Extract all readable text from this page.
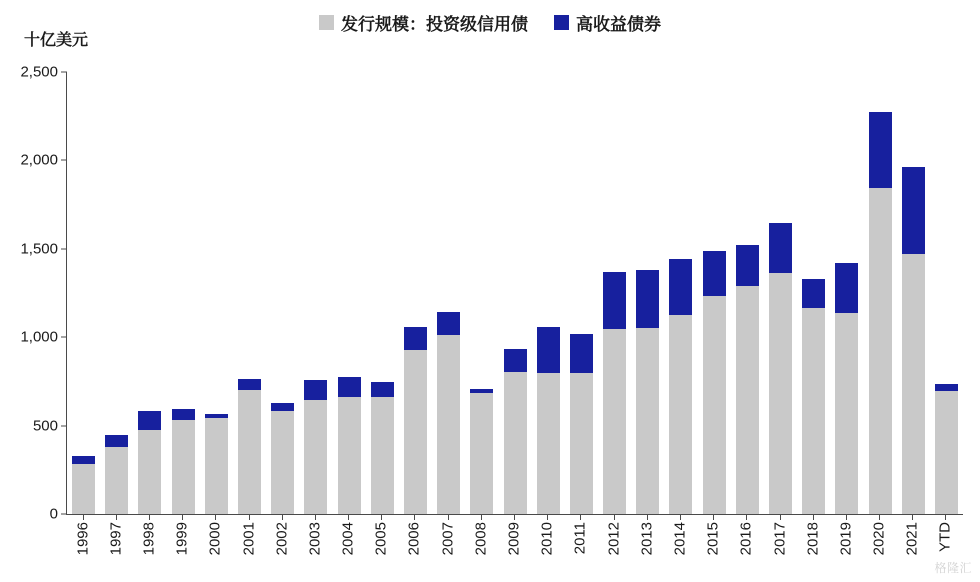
发行规模：投资级信用债	高收益债券
十亿美元
0
500
1,000
1,500
2,000
2,500
1996 1997 1998 1999 2000 2001 2002 2003 2004 2005 2006 2007 2008 2009 2010 2011 2012 2013 2014 2015 2016 2017 2018 2019 2020 2021 YTD
格隆汇
